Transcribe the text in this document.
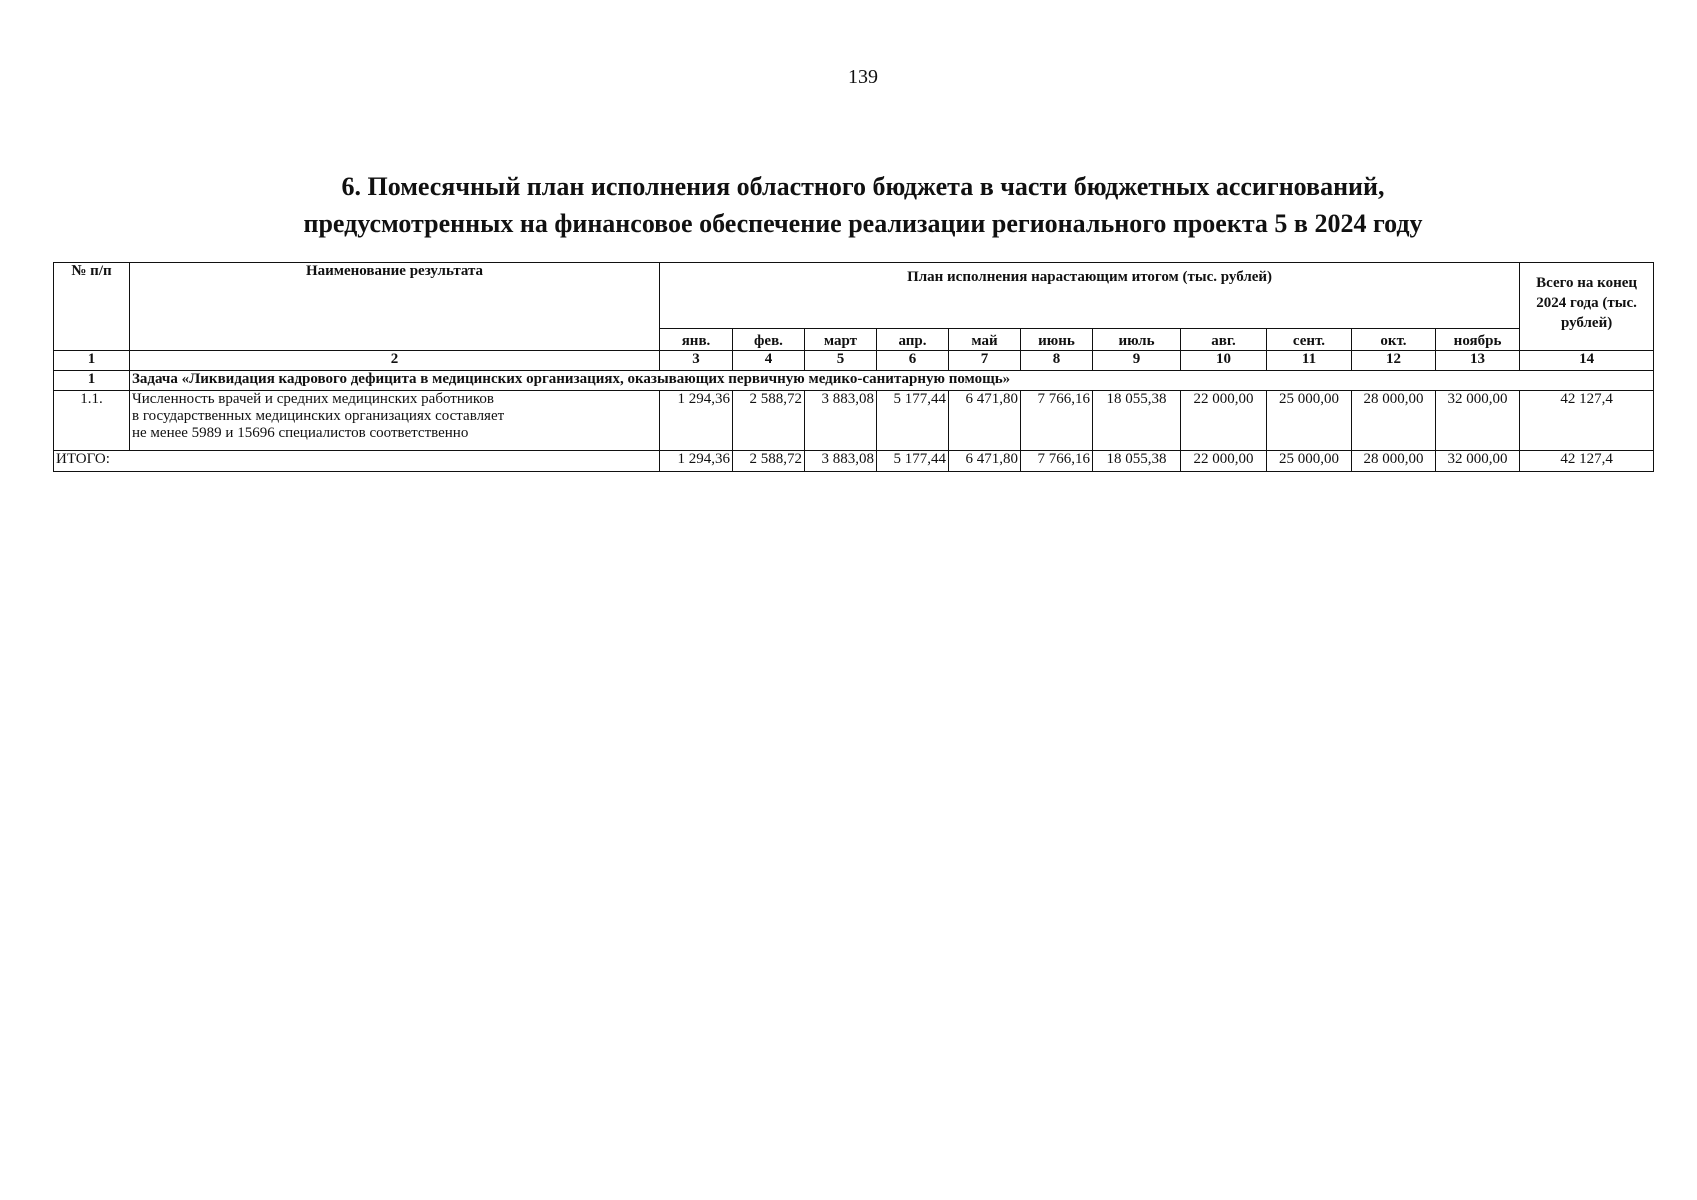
139
6. Помесячный план исполнения областного бюджета в части бюджетных ассигнований,
предусмотренных на финансовое обеспечение реализации регионального проекта 5 в 2024 году
№ п/п	Наименование результата	План исполнения нарастающим итогом (тыс. рублей)											Всего на конец 2024 года (тыс. рублей)
		янв.	фев.	март	апр.	май	июнь	июль	авг.	сент.	окт.	ноябрь	
1	2	3	4	5	6	7	8	9	10	11	12	13	14
1	Задача «Ликвидация кадрового дефицита в медицинских организациях, оказывающих первичную медико-санитарную помощь»												
1.1.	Численность врачей и средних медицинских работников
в государственных медицинских организациях составляет
не менее 5989 и 15696 специалистов соответственно	1 294,36	2 588,72	3 883,08	5 177,44	6 471,80	7 766,16	18 055,38	22 000,00	25 000,00	28 000,00	32 000,00	42 127,4
ИТОГО:		1 294,36	2 588,72	3 883,08	5 177,44	6 471,80	7 766,16	18 055,38	22 000,00	25 000,00	28 000,00	32 000,00	42 127,4
